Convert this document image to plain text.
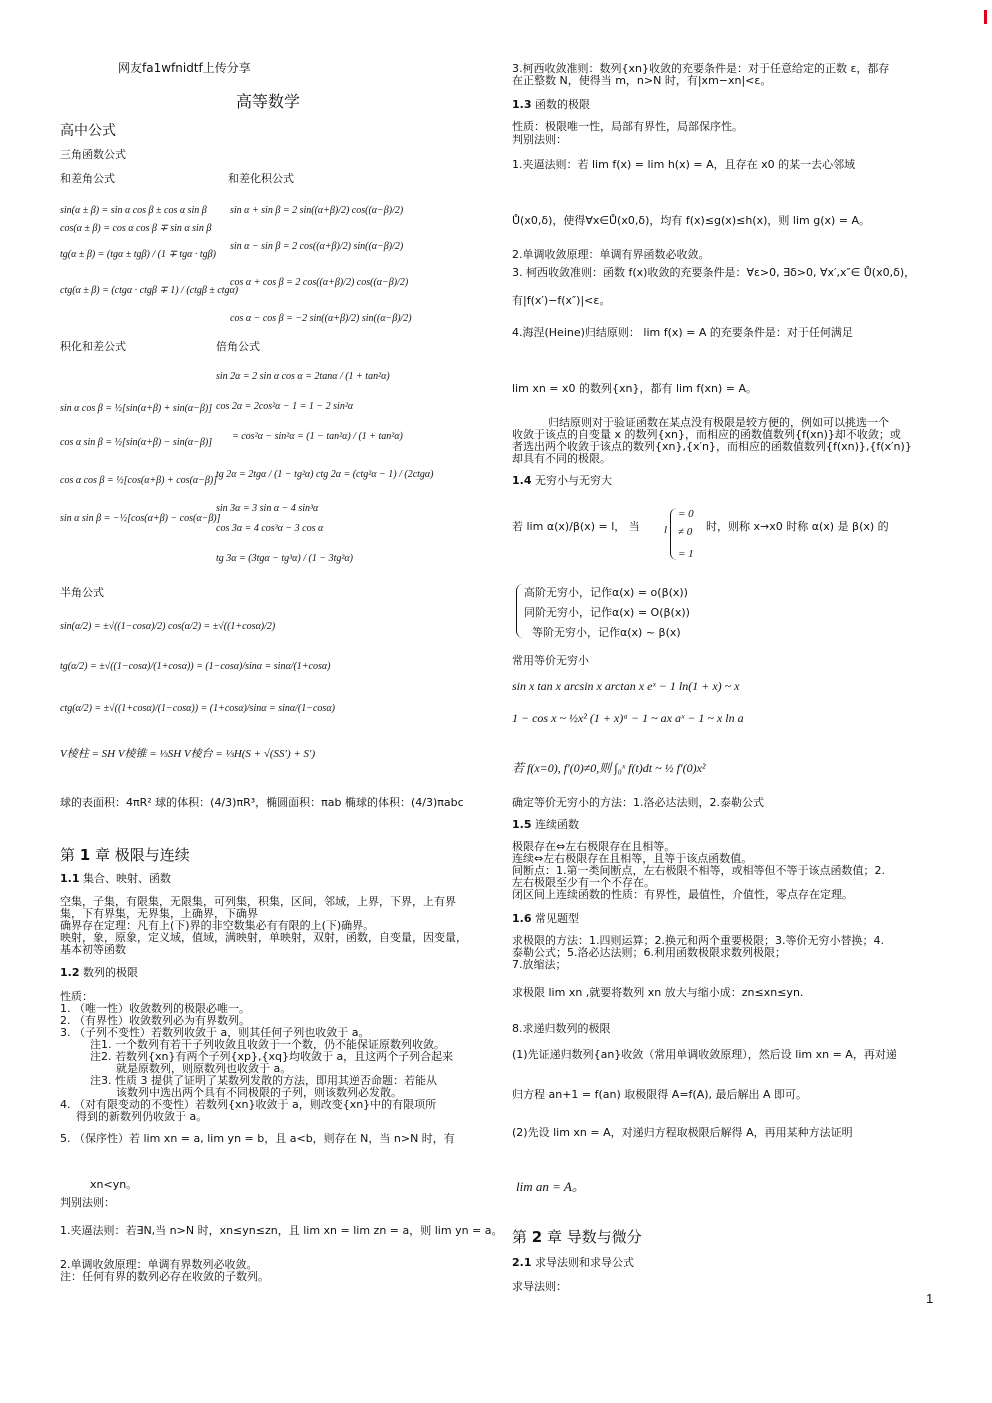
网友fa1wfnidtf上传分享
高等数学
高中公式
三角函数公式
和差角公式	和差化积公式
sin(α ± β) = sin α cos β ± cos α sin β
cos(α ± β) = cos α cos β ∓ sin α sin β
tg(α ± β) = (tgα ± tgβ) / (1 ∓ tgα · tgβ)
ctg(α ± β) = (ctgα · ctgβ ∓ 1) / (ctgβ ± ctgα)
sin α + sin β = 2 sin((α+β)/2) cos((α−β)/2)
sin α − sin β = 2 cos((α+β)/2) sin((α−β)/2)
cos α + cos β = 2 cos((α+β)/2) cos((α−β)/2)
cos α − cos β = −2 sin((α+β)/2) sin((α−β)/2)
积化和差公式	倍角公式
sin α cos β = ½[sin(α+β) + sin(α−β)]
cos α sin β = ½[sin(α+β) − sin(α−β)]
cos α cos β = ½[cos(α+β) + cos(α−β)]
sin α sin β = −½[cos(α+β) − cos(α−β)]
sin 2α = 2 sin α cos α = 2tanα / (1 + tan²α)
cos 2α = 2cos²α − 1 = 1 − 2 sin²α
= cos²α − sin²α = (1 − tan²α) / (1 + tan²α)
tg 2α = 2tgα / (1 − tg²α) ctg 2α = (ctg²α − 1) / (2ctgα)
sin 3α = 3 sin α − 4 sin³α
cos 3α = 4 cos³α − 3 cos α
tg 3α = (3tgα − tg³α) / (1 − 3tg²α)
半角公式
sin(α/2) = ±√((1−cosα)/2) cos(α/2) = ±√((1+cosα)/2)
tg(α/2) = ±√((1−cosα)/(1+cosα)) = (1−cosα)/sinα = sinα/(1+cosα)
ctg(α/2) = ±√((1+cosα)/(1−cosα)) = (1+cosα)/sinα = sinα/(1−cosα)
V棱柱 = SH V棱锥 = ⅓SH V棱台 = ⅓H(S + √(SS′) + S′)
球的表面积：4πR² 球的体积：(4/3)πR³，椭圆面积：πab 椭球的体积：(4/3)πabc
第 1 章 极限与连续
1.1 集合、映射、函数
空集，子集，有限集，无限集，可列集，积集，区间，邻域，上界，下界，上有界集，下有界集，无界集，上确界，下确界
确界存在定理：凡有上(下)界的非空数集必有有限的上(下)确界。
映射，象，原象，定义域，值域，满映射，单映射，双射，函数，自变量，因变量，基本初等函数
1.2 数列的极限
性质：
1. （唯一性）收敛数列的极限必唯一。
2. （有界性）收敛数列必为有界数列。
3. （子列不变性）若数列收敛于 a，则其任何子列也收敛于 a。
注1. 一个数列有若干子列收敛且收敛于一个数，仍不能保证原数列收敛。
注2. 若数列{xn}有两个子列{xp},{xq}均收敛于 a，且这两个子列合起来
就是原数列，则原数列也收敛于 a。
注3. 性质 3 提供了证明了某数列发散的方法，即用其逆否命题：若能从
该数列中选出两个具有不同极限的子列，则该数列必发散。
4. （对有限变动的不变性）若数列{xn}收敛于 a，则改变{xn}中的有限项所
得到的新数列仍收敛于 a。
5. （保序性）若 lim xn = a, lim yn = b，且 a<b，则存在 N，当 n>N 时，有
xn<yn。
判别法则：
1.夹逼法则：若∃N,当 n>N 时，xn≤yn≤zn，且 lim xn = lim zn = a，则 lim yn = a。
2.单调收敛原理：单调有界数列必收敛。
注：任何有界的数列必存在收敛的子数列。
3.柯西收敛准则：数列{xn}收敛的充要条件是：对于任意给定的正数 ε，都存
在正整数 N，使得当 m，n>N 时，有|xm−xn|<ε。
1.3 函数的极限
性质：极限唯一性，局部有界性，局部保序性。
判别法则：
1.夹逼法则：若 lim f(x) = lim h(x) = A，且存在 x0 的某一去心邻域
Ů(x0,δ)，使得∀x∈Ů(x0,δ)，均有 f(x)≤g(x)≤h(x)，则 lim g(x) = A。
2.单调收敛原理：单调有界函数必收敛。
3. 柯西收敛准则：函数 f(x)收敛的充要条件是：∀ε>0, ∃δ>0, ∀x′,x″∈ Ů(x0,δ)，
有|f(x′)−f(x″)|<ε。
4.海涅(Heine)归结原则： lim f(x) = A 的充要条件是：对于任何满足
lim xn = x0 的数列{xn}，都有 lim f(xn) = A。
归结原则对于验证函数在某点没有极限是较方便的，例如可以挑选一个
收敛于该点的自变量 x 的数列{xn}，而相应的函数值数列{f(xn)}却不收敛；或
者选出两个收敛于该点的数列{xn},{x′n}，而相应的函数值数列{f(xn)},{f(x′n)}
却具有不同的极限。
1.4 无穷小与无穷大
若 lim α(x)/β(x) = l， 当 l
= 0
≠ 0
= 1
时，则称 x→x0 时称 α(x) 是 β(x) 的
高阶无穷小，记作α(x) = o(β(x))
同阶无穷小，记作α(x) = O(β(x))
等阶无穷小，记作α(x) ~ β(x)
常用等价无穷小
sin x tan x arcsin x arctan x eˣ − 1 ln(1 + x) ~ x
1 − cos x ~ ½x² (1 + x)ᵃ − 1 ~ ax aˣ − 1 ~ x ln a
若 f(x=0), f′(0)≠0,则 ∫₀ˣ f(t)dt ~ ½ f′(0)x²
确定等价无穷小的方法：1.洛必达法则，2.泰勒公式
1.5 连续函数
极限存在⇔左右极限存在且相等。
连续⇔左右极限存在且相等，且等于该点函数值。
间断点：1.第一类间断点，左右极限不相等，或相等但不等于该点函数值；2.
左右极限至少有一个不存在。
闭区间上连续函数的性质：有界性，最值性，介值性，零点存在定理。
1.6 常见题型
求极限的方法：1.四则运算；2.换元和两个重要极限；3.等价无穷小替换；4.
泰勒公式；5.洛必达法则；6.利用函数极限求数列极限；
7.放缩法；
求极限 lim xn ,就要将数列 xn 放大与缩小成：zn≤xn≤yn.
8.求递归数列的极限
(1)先证递归数列{an}收敛（常用单调收敛原理），然后设 lim xn = A，再对递
归方程 an+1 = f(an) 取极限得 A=f(A), 最后解出 A 即可。
(2)先设 lim xn = A，对递归方程取极限后解得 A，再用某种方法证明
lim an = A。
第 2 章 导数与微分
2.1 求导法则和求导公式
求导法则：
1
